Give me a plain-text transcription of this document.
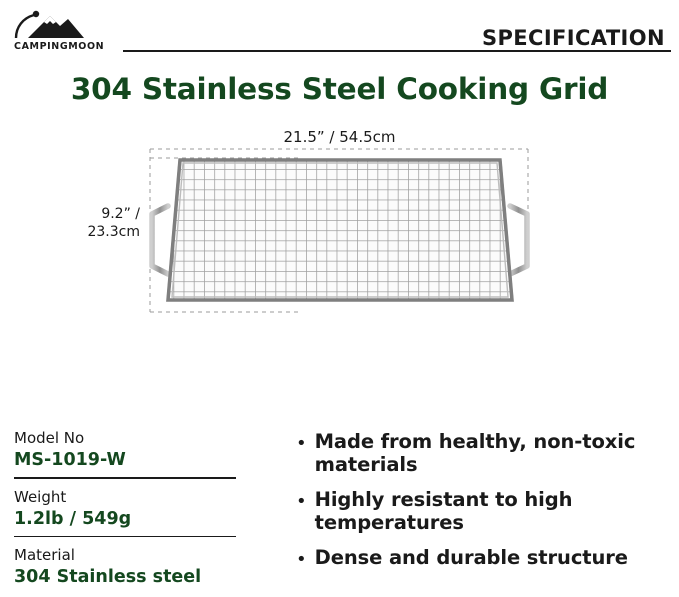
CAMPINGMOON	SPECIFICATION
304 Stainless Steel Cooking Grid
21.5” / 54.5cm
9.2” /
23.3cm
Model No
MS-1019-W
Weight
1.2lb / 549g
Material
304 Stainless steel
• Made from healthy, non-toxic materials
• Highly resistant to high temperatures
• Dense and durable structure
